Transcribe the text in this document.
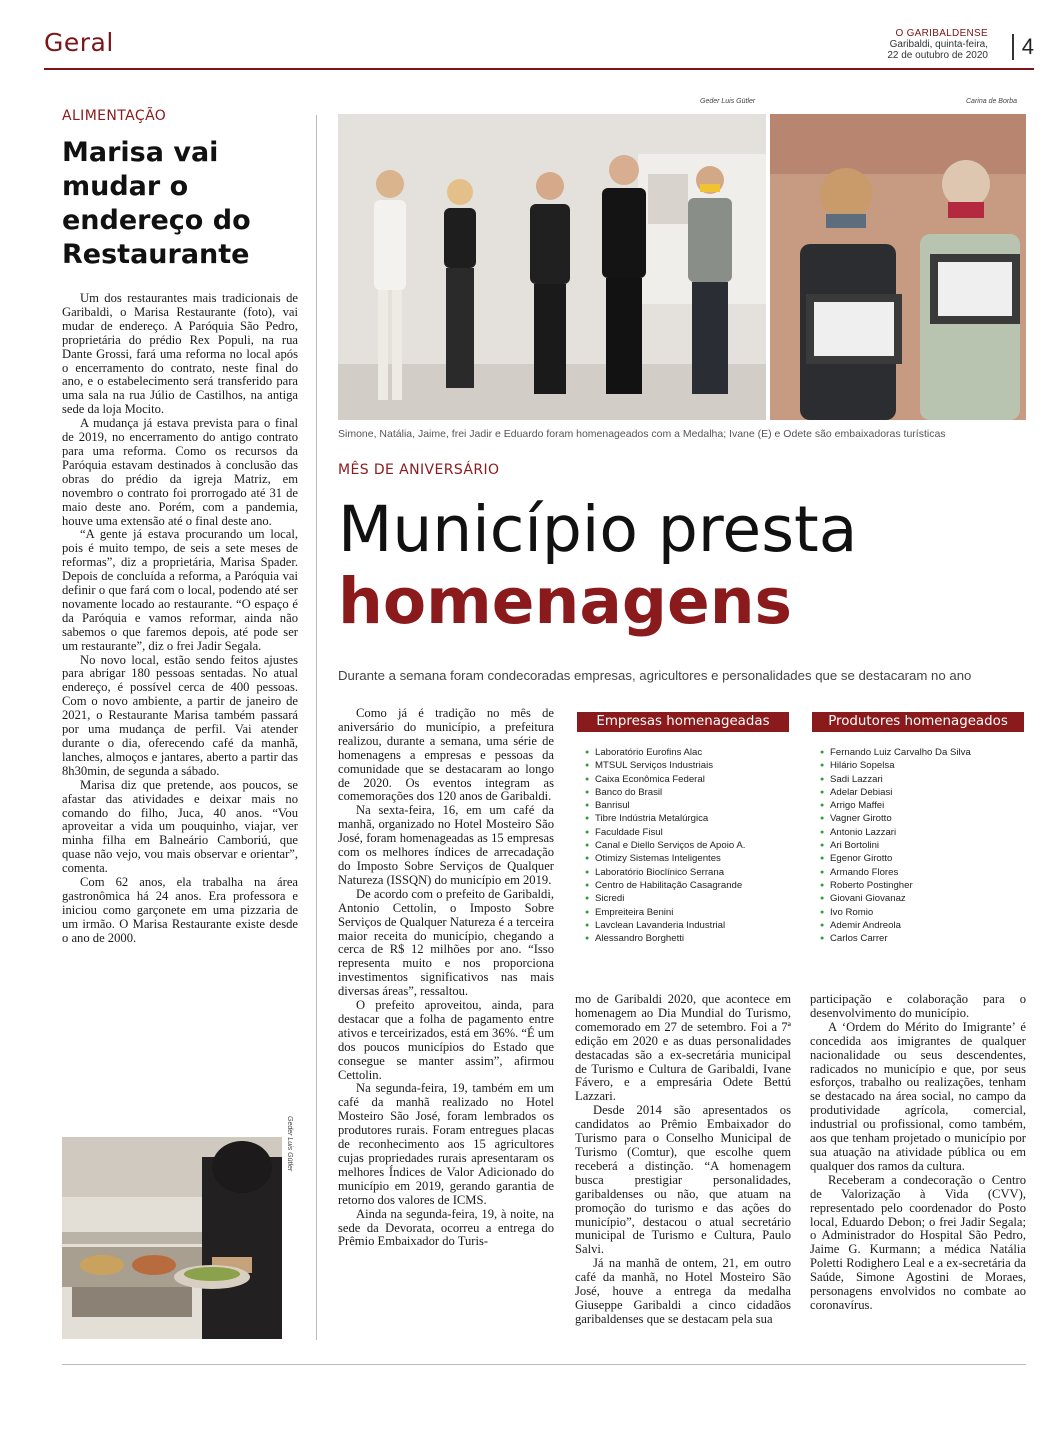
Geral	O GARIBALDENSE
Garibaldi, quinta-feira,
22 de outubro de 2020	4
ALIMENTAÇÃO
Marisa vai mudar o endereço do Restaurante

Um dos restaurantes mais tradicionais de Garibaldi, o Marisa Restaurante (foto), vai mudar de endereço. A Paróquia São Pedro, proprietária do prédio Rex Populi, na rua Dante Grossi, fará uma reforma no local após o encerramento do contrato, neste final do ano, e o estabelecimento será transferido para uma sala na rua Júlio de Castilhos, na antiga sede da loja Mocito.

A mudança já estava prevista para o final de 2019, no encerramento do antigo contrato para uma reforma. Como os recursos da Paróquia estavam destinados à conclusão das obras do prédio da igreja Matriz, em novembro o contrato foi prorrogado até 31 de maio deste ano. Porém, com a pandemia, houve uma extensão até o final deste ano.

“A gente já estava procurando um local, pois é muito tempo, de seis a sete meses de reformas”, diz a proprietária, Marisa Spader. Depois de concluída a reforma, a Paróquia vai definir o que fará com o local, podendo até ser novamente locado ao restaurante. “O espaço é da Paróquia e vamos reformar, ainda não sabemos o que faremos depois, até pode ser um restaurante”, diz o frei Jadir Segala.

No novo local, estão sendo feitos ajustes para abrigar 180 pessoas sentadas. No atual endereço, é possível cerca de 400 pessoas. Com o novo ambiente, a partir de janeiro de 2021, o Restaurante Marisa também passará por uma mudança de perfil. Vai atender durante o dia, oferecendo café da manhã, lanches, almoços e jantares, aberto a partir das 8h30min, de segunda a sábado.

Marisa diz que pretende, aos poucos, se afastar das atividades e deixar mais no comando do filho, Juca, 40 anos. “Vou aproveitar a vida um pouquinho, viajar, ver minha filha em Balneário Camboriú, que quase não vejo, vou mais observar e orientar”, comenta.

Com 62 anos, ela trabalha na área gastronômica há 24 anos. Era professora e iniciou como garçonete em uma pizzaria de um irmão. O Marisa Restaurante existe desde o ano de 2000.

Geder Luis Gütler
Geder Luis Gütler	Carina de Borba
Simone, Natália, Jaime, frei Jadir e Eduardo foram homenageados com a Medalha; Ivane (E) e Odete são embaixadoras turísticas
MÊS DE ANIVERSÁRIO
Município presta
homenagens
Durante a semana foram condecoradas empresas, agricultores e personalidades que se destacaram no ano

Como já é tradição no mês de aniversário do município, a prefeitura realizou, durante a semana, uma série de homenagens a empresas e pessoas da comunidade que se destacaram ao longo de 2020. Os eventos integram as comemorações dos 120 anos de Garibaldi.

Na sexta-feira, 16, em um café da manhã, organizado no Hotel Mosteiro São José, foram homenageadas as 15 empresas com os melhores índices de arrecadação do Imposto Sobre Serviços de Qualquer Natureza (ISSQN) do município em 2019.

De acordo com o prefeito de Garibaldi, Antonio Cettolin, o Imposto Sobre Serviços de Qualquer Natureza é a terceira maior receita do município, chegando a cerca de R$ 12 milhões por ano. “Isso representa muito e nos proporciona investimentos significativos nas mais diversas áreas”, ressaltou.

O prefeito aproveitou, ainda, para destacar que a folha de pagamento entre ativos e terceirizados, está em 36%. “É um dos poucos municípios do Estado que consegue se manter assim”, afirmou Cettolin.

Na segunda-feira, 19, também em um café da manhã realizado no Hotel Mosteiro São José, foram lembrados os produtores rurais. Foram entregues placas de reconhecimento aos 15 agricultores cujas propriedades rurais apresentaram os melhores Índices de Valor Adicionado do município em 2019, gerando garantia de retorno dos valores de ICMS.

Ainda na segunda-feira, 19, à noite, na sede da Devorata, ocorreu a entrega do Prêmio Embaixador do Turis-

Empresas homenageadas
● Laboratório Eurofins Alac
● MTSUL Serviços Industriais
● Caixa Econômica Federal
● Banco do Brasil
● Banrisul
● Tibre Indústria Metalúrgica
● Faculdade Fisul
● Canal e Diello Serviços de Apoio A.
● Otimizy Sistemas Inteligentes
● Laboratório Bioclínico Serrana
● Centro de Habilitação Casagrande
● Sicredi
● Empreiteira Benini
● Lavclean Lavanderia Industrial
● Alessandro Borghetti
Produtores homenageados
● Fernando Luiz Carvalho Da Silva
● Hilário Sopelsa
● Sadi Lazzari
● Adelar Debiasi
● Arrigo Maffei
● Vagner Girotto
● Antonio Lazzari
● Ari Bortolini
● Egenor Girotto
● Armando Flores
● Roberto Postingher
● Giovani Giovanaz
● Ivo Romio
● Ademir Andreola
● Carlos Carrer

mo de Garibaldi 2020, que acontece em homenagem ao Dia Mundial do Turismo, comemorado em 27 de setembro. Foi a 7ª edição em 2020 e as duas personalidades destacadas são a ex-secretária municipal de Turismo e Cultura de Garibaldi, Ivane Fávero, e a empresária Odete Bettú Lazzari.

Desde 2014 são apresentados os candidatos ao Prêmio Embaixador do Turismo para o Conselho Municipal de Turismo (Comtur), que escolhe quem receberá a distinção. “A homenagem busca prestigiar personalidades, garibaldenses ou não, que atuam na promoção do turismo e das ações do município”, destacou o atual secretário municipal de Turismo e Cultura, Paulo Salvi.

Já na manhã de ontem, 21, em outro café da manhã, no Hotel Mosteiro São José, houve a entrega da medalha Giuseppe Garibaldi a cinco cidadãos garibaldenses que se destacam pela sua

participação e colaboração para o desenvolvimento do município.

A ‘Ordem do Mérito do Imigrante’ é concedida aos imigrantes de qualquer nacionalidade ou seus descendentes, radicados no município e que, por seus esforços, trabalho ou realizações, tenham se destacado na área social, no campo da produtividade agrícola, comercial, industrial ou profissional, como também, aos que tenham projetado o município por sua atuação na atividade pública ou em qualquer dos ramos da cultura.

Receberam a condecoração o Centro de Valorização à Vida (CVV), representado pelo coordenador do Posto local, Eduardo Debon; o frei Jadir Segala; o Administrador do Hospital São Pedro, Jaime G. Kurmann; a médica Natália Poletti Rodighero Leal e a ex-secretária da Saúde, Simone Agostini de Moraes, personagens envolvidos no combate ao coronavírus.
